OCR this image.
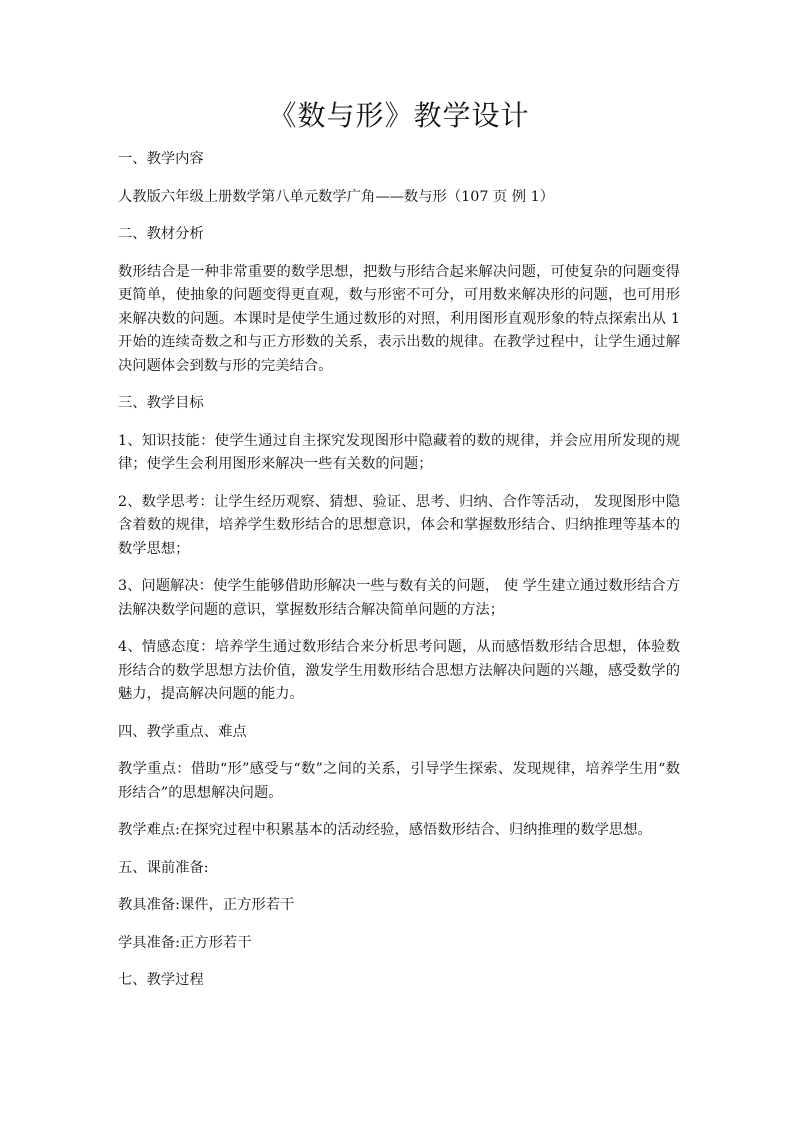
《数与形》教学设计

一、教学内容

人教版六年级上册数学第八单元数学广角——数与形（107 页 例 1）

二、教材分析

数形结合是一种非常重要的数学思想，把数与形结合起来解决问题，可使复杂的问题变得更简单，使抽象的问题变得更直观，数与形密不可分，可用数来解决形的问题，也可用形来解决数的问题。本课时是使学生通过数形的对照，利用图形直观形象的特点探索出从 1 开始的连续奇数之和与正方形数的关系，表示出数的规律。在教学过程中，让学生通过解决问题体会到数与形的完美结合。

三、教学目标

1、知识技能：使学生通过自主探究发现图形中隐藏着的数的规律，并会应用所发现的规律；使学生会利用图形来解决一些有关数的问题；

2、数学思考：让学生经历观察、猜想、验证、思考、归纳、合作等活动， 发现图形中隐含着数的规律，培养学生数形结合的思想意识，体会和掌握数形结合、归纳推理等基本的数学思想；

3、问题解决：使学生能够借助形解决一些与数有关的问题， 使 学生建立通过数形结合方法解决数学问题的意识，掌握数形结合解决简单问题的方法；

4、情感态度：培养学生通过数形结合来分析思考问题，从而感悟数形结合思想，体验数形结合的数学思想方法价值，激发学生用数形结合思想方法解决问题的兴趣，感受数学的魅力，提高解决问题的能力。

四、教学重点、难点

教学重点：借助“形”感受与“数”之间的关系，引导学生探索、发现规律，培养学生用“数形结合”的思想解决问题。

教学难点:在探究过程中积累基本的活动经验，感悟数形结合、归纳推理的数学思想。

五、课前准备:

教具准备:课件，正方形若干

学具准备:正方形若干

七、教学过程
